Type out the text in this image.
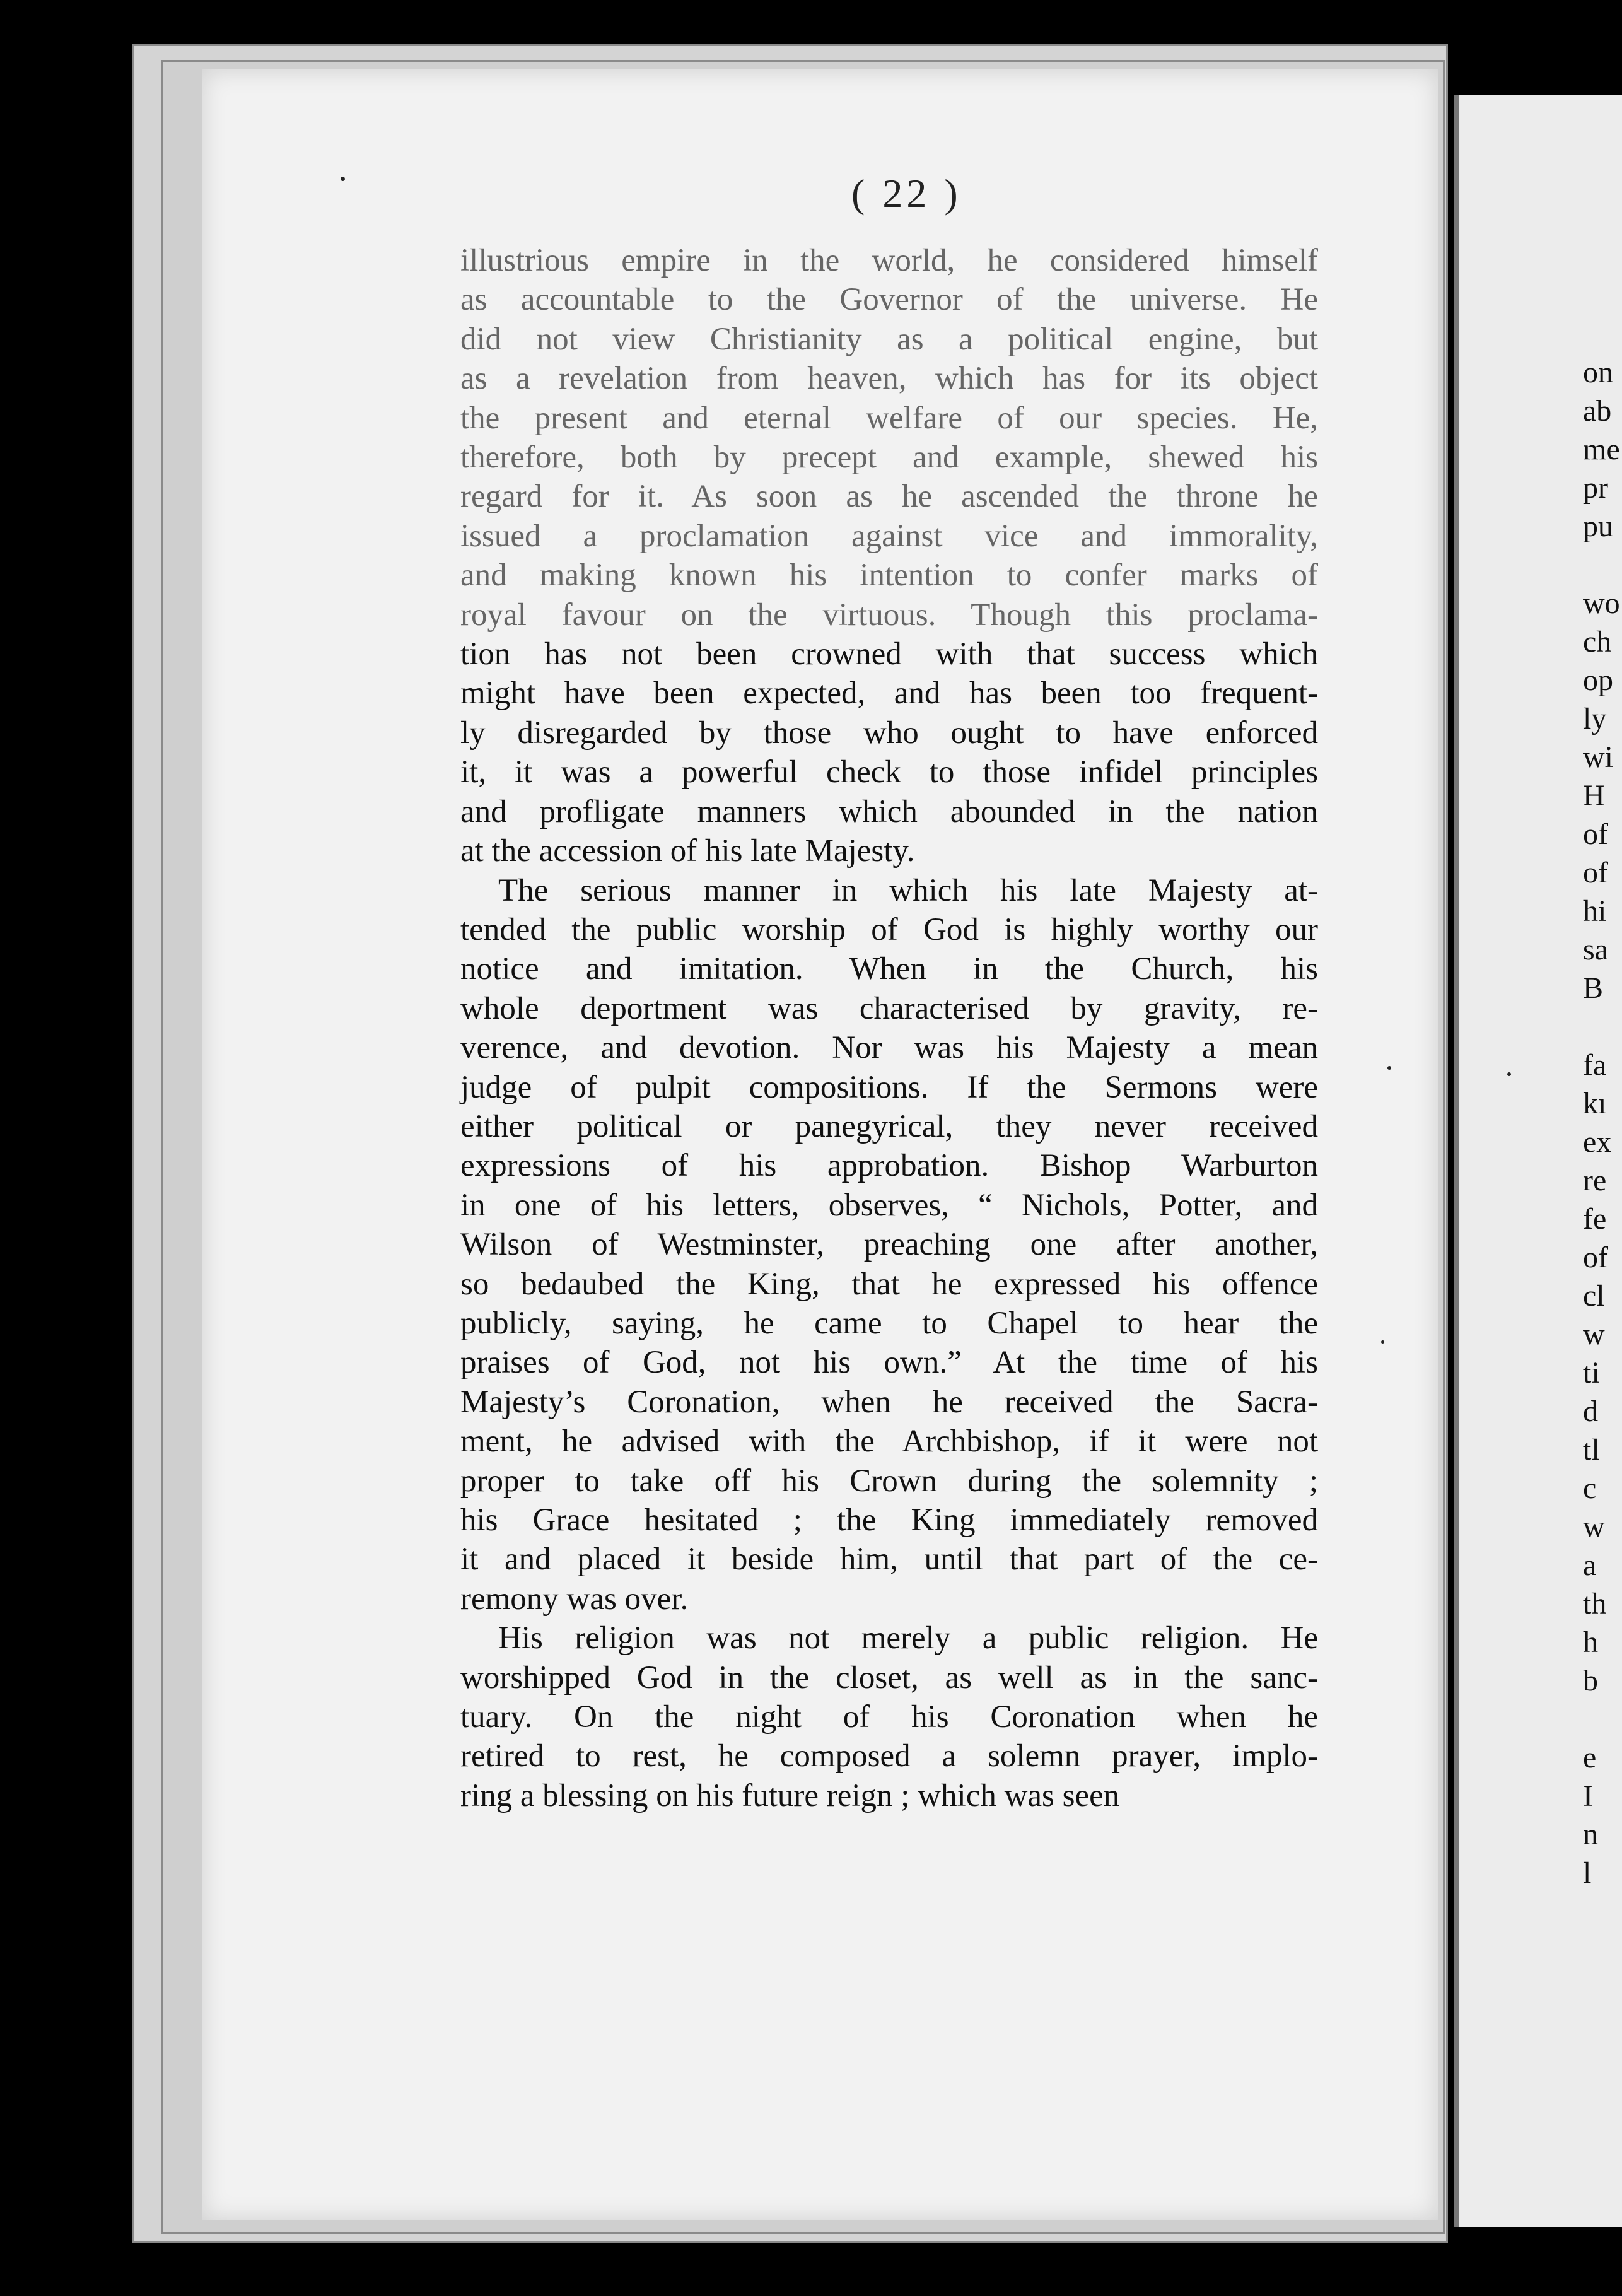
( 22 )
illustrious empire in the world, he considered himself
as accountable to the Governor of the universe. He
did not view Christianity as a political engine, but
as a revelation from heaven, which has for its object
the present and eternal welfare of our species. He,
therefore, both by precept and example, shewed his
regard for it. As soon as he ascended the throne he
issued a proclamation against vice and immorality,
and making known his intention to confer marks of
royal favour on the virtuous. Though this proclama-
tion has not been crowned with that success which
might have been expected, and has been too frequent-
ly disregarded by those who ought to have enforced
it, it was a powerful check to those infidel principles
and profligate manners which abounded in the nation
at the accession of his late Majesty.
The serious manner in which his late Majesty at-
tended the public worship of God is highly worthy our
notice and imitation. When in the Church, his
whole deportment was characterised by gravity, re-
verence, and devotion. Nor was his Majesty a mean
judge of pulpit compositions. If the Sermons were
either political or panegyrical, they never received
expressions of his approbation. Bishop Warburton
in one of his letters, observes, “ Nichols, Potter, and
Wilson of Westminster, preaching one after another,
so bedaubed the King, that he expressed his offence
publicly, saying, he came to Chapel to hear the
praises of God, not his own.” At the time of his
Majesty’s Coronation, when he received the Sacra-
ment, he advised with the Archbishop, if it were not
proper to take off his Crown during the solemnity ;
his Grace hesitated ; the King immediately removed
it and placed it beside him, until that part of the ce-
remony was over.
His religion was not merely a public religion. He
worshipped God in the closet, as well as in the sanc-
tuary. On the night of his Coronation when he
retired to rest, he composed a solemn prayer, implo-
ring a blessing on his future reign ; which was seen
on
ab
me
pr
pu

wo
ch
op
ly
wi
H
of
of
hi
sa
B

fa
kı
ex
re
fe
of
cl
w
ti
d
tl
c
w
a
th
h
b

e
I
n
l
